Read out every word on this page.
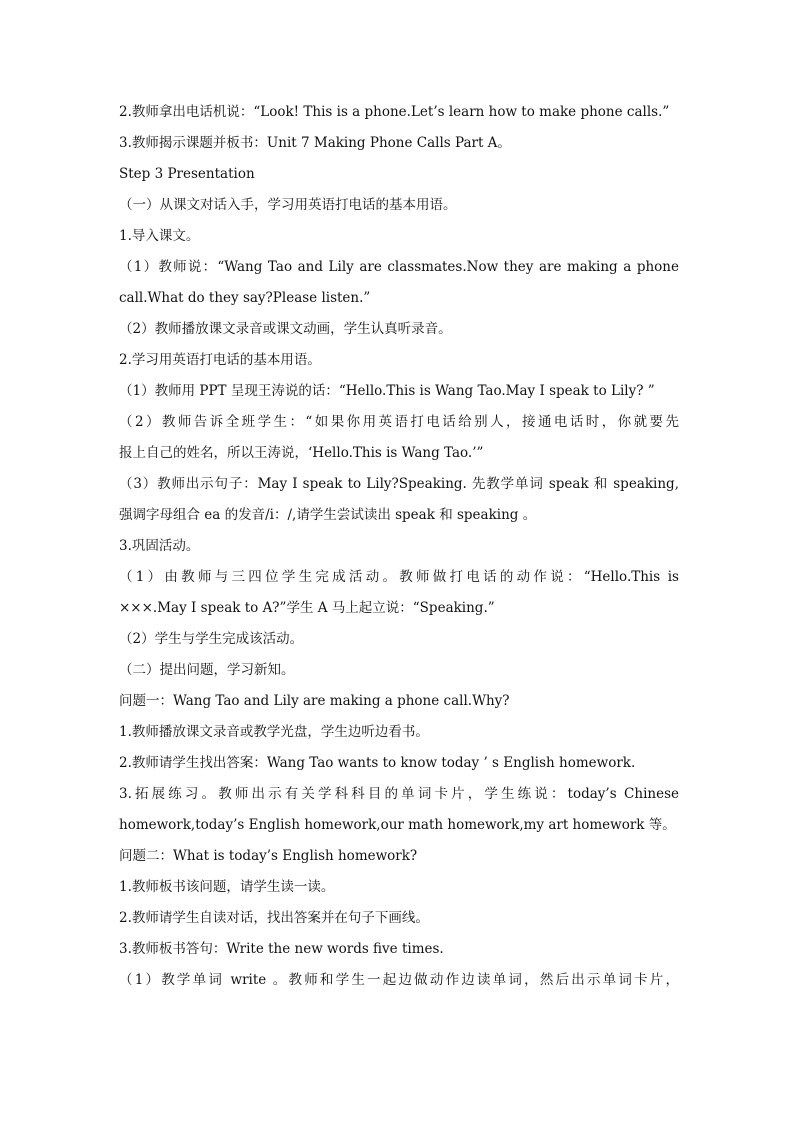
2.教师拿出电话机说：“Look! This is a phone.Let’s learn how to make phone calls.”
3.教师揭示课题并板书：Unit 7 Making Phone Calls Part A。
Step 3 Presentation
（一）从课文对话入手，学习用英语打电话的基本用语。
1.导入课文。
（1）教师说：“Wang Tao and Lily are classmates.Now they are making a phone
call.What do they say?Please listen.”
（2）教师播放课文录音或课文动画，学生认真听录音。
2.学习用英语打电话的基本用语。
（1）教师用 PPT 呈现王涛说的话：“Hello.This is Wang Tao.May I speak to Lily? ”
（2）教师告诉全班学生：“如果你用英语打电话给别人，接通电话时，你就要先
报上自己的姓名，所以王涛说，‘Hello.This is Wang Tao.’”
（3）教师出示句子：May I speak to Lily?Speaking. 先教学单词 speak 和 speaking,
强调字母组合 ea 的发音/i：/,请学生尝试读出 speak 和 speaking 。
3.巩固活动。
（1）由教师与三四位学生完成活动。教师做打电话的动作说：“Hello.This is
×××.May I speak to A?”学生 A 马上起立说：“Speaking.”
（2）学生与学生完成该活动。
（二）提出问题，学习新知。
问题一：Wang Tao and Lily are making a phone call.Why?
1.教师播放课文录音或教学光盘，学生边听边看书。
2.教师请学生找出答案：Wang Tao wants to know today ’ s English homework.
3.拓展练习。教师出示有关学科科目的单词卡片，学生练说：today’s Chinese
homework,today’s English homework,our math homework,my art homework 等。
问题二：What is today’s English homework?
1.教师板书该问题，请学生读一读。
2.教师请学生自读对话，找出答案并在句子下画线。
3.教师板书答句：Write the new words five times.
（1）教学单词 write 。教师和学生一起边做动作边读单词，然后出示单词卡片，
